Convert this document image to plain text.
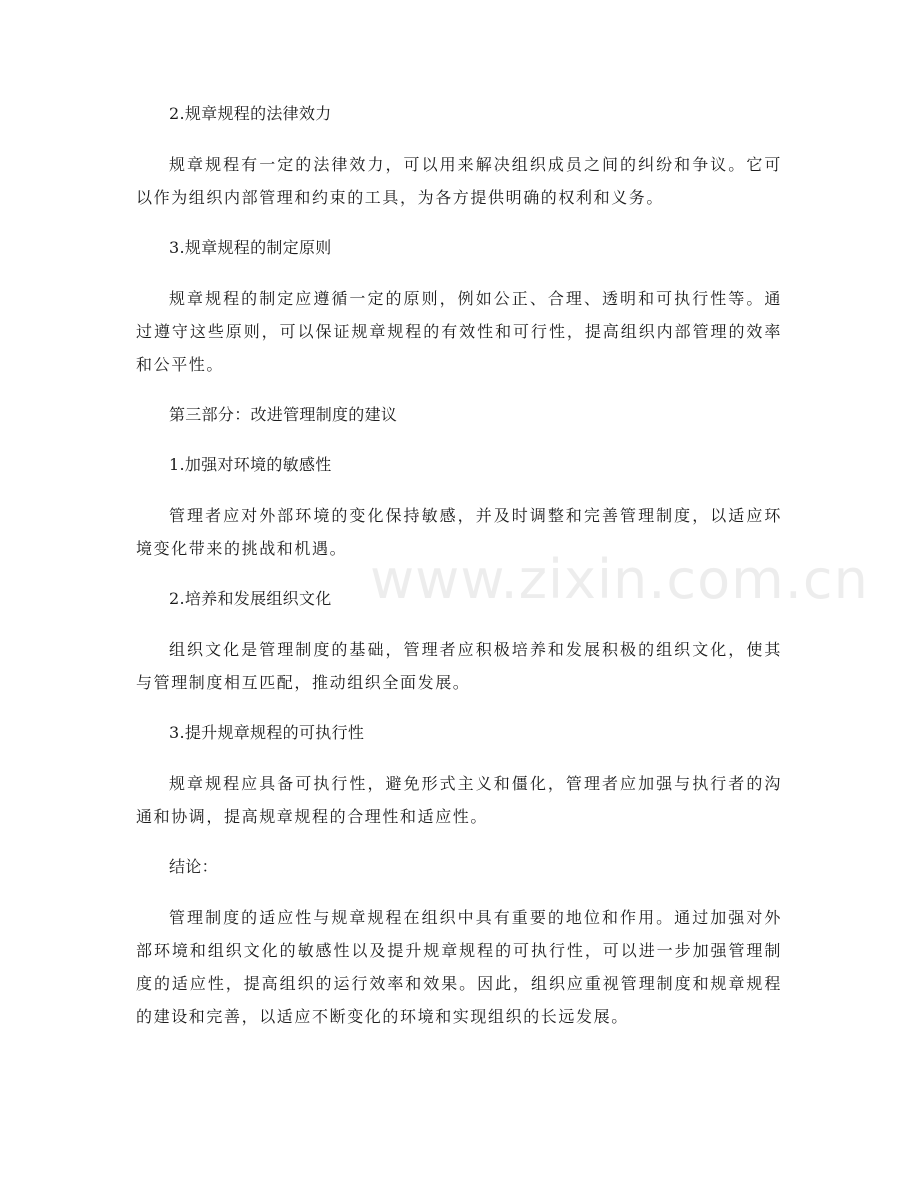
2.规章规程的法律效力

规章规程有一定的法律效力，可以用来解决组织成员之间的纠纷和争议。它可以作为组织内部管理和约束的工具，为各方提供明确的权利和义务。

3.规章规程的制定原则

规章规程的制定应遵循一定的原则，例如公正、合理、透明和可执行性等。通过遵守这些原则，可以保证规章规程的有效性和可行性，提高组织内部管理的效率和公平性。

第三部分：改进管理制度的建议

1.加强对环境的敏感性

管理者应对外部环境的变化保持敏感，并及时调整和完善管理制度，以适应环境变化带来的挑战和机遇。

2.培养和发展组织文化

组织文化是管理制度的基础，管理者应积极培养和发展积极的组织文化，使其与管理制度相互匹配，推动组织全面发展。

3.提升规章规程的可执行性

规章规程应具备可执行性，避免形式主义和僵化，管理者应加强与执行者的沟通和协调，提高规章规程的合理性和适应性。

结论：

管理制度的适应性与规章规程在组织中具有重要的地位和作用。通过加强对外部环境和组织文化的敏感性以及提升规章规程的可执行性，可以进一步加强管理制度的适应性，提高组织的运行效率和效果。因此，组织应重视管理制度和规章规程的建设和完善，以适应不断变化的环境和实现组织的长远发展。

www.zixin.com.cn
